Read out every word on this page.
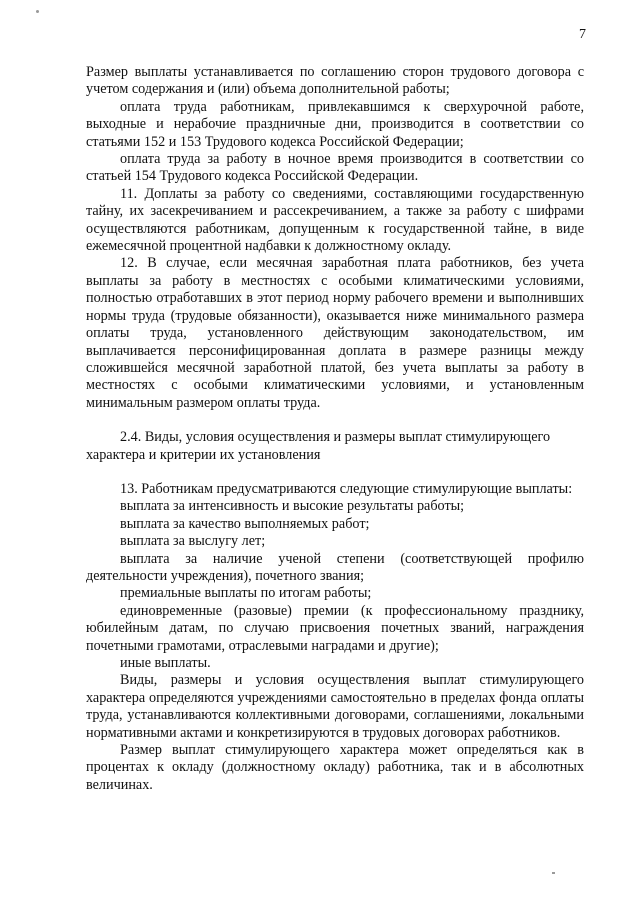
7

Размер выплаты устанавливается по соглашению сторон трудового договора с учетом содержания и (или) объема дополнительной работы;

оплата труда работникам, привлекавшимся к сверхурочной работе, выходные и нерабочие праздничные дни, производится в соответствии со статьями 152 и 153 Трудового кодекса Российской Федерации;

оплата труда за работу в ночное время производится в соответствии со статьей 154 Трудового кодекса Российской Федерации.

11. Доплаты за работу со сведениями, составляющими государственную тайну, их засекречиванием и рассекречиванием, а также за работу с шифрами осуществляются работникам, допущенным к государственной тайне, в виде ежемесячной процентной надбавки к должностному окладу.

12. В случае, если месячная заработная плата работников, без учета выплаты за работу в местностях с особыми климатическими условиями, полностью отработавших в этот период норму рабочего времени и выполнивших нормы труда (трудовые обязанности), оказывается ниже минимального размера оплаты труда, установленного действующим законодательством, им выплачивается персонифицированная доплата в размере разницы между сложившейся месячной заработной платой, без учета выплаты за работу в местностях с особыми климатическими условиями, и установленным минимальным размером оплаты труда.

2.4. Виды, условия осуществления и размеры выплат стимулирующего характера и критерии их установления

13. Работникам предусматриваются следующие стимулирующие выплаты:

выплата за интенсивность и высокие результаты работы;

выплата за качество выполняемых работ;

выплата за выслугу лет;

выплата за наличие ученой степени (соответствующей профилю деятельности учреждения), почетного звания;

премиальные выплаты по итогам работы;

единовременные (разовые) премии (к профессиональному празднику, юбилейным датам, по случаю присвоения почетных званий, награждения почетными грамотами, отраслевыми наградами и другие);

иные выплаты.

Виды, размеры и условия осуществления выплат стимулирующего характера определяются учреждениями самостоятельно в пределах фонда оплаты труда, устанавливаются коллективными договорами, соглашениями, локальными нормативными актами и конкретизируются в трудовых договорах работников.

Размер выплат стимулирующего характера может определяться как в процентах к окладу (должностному окладу) работника, так и в абсолютных величинах.
